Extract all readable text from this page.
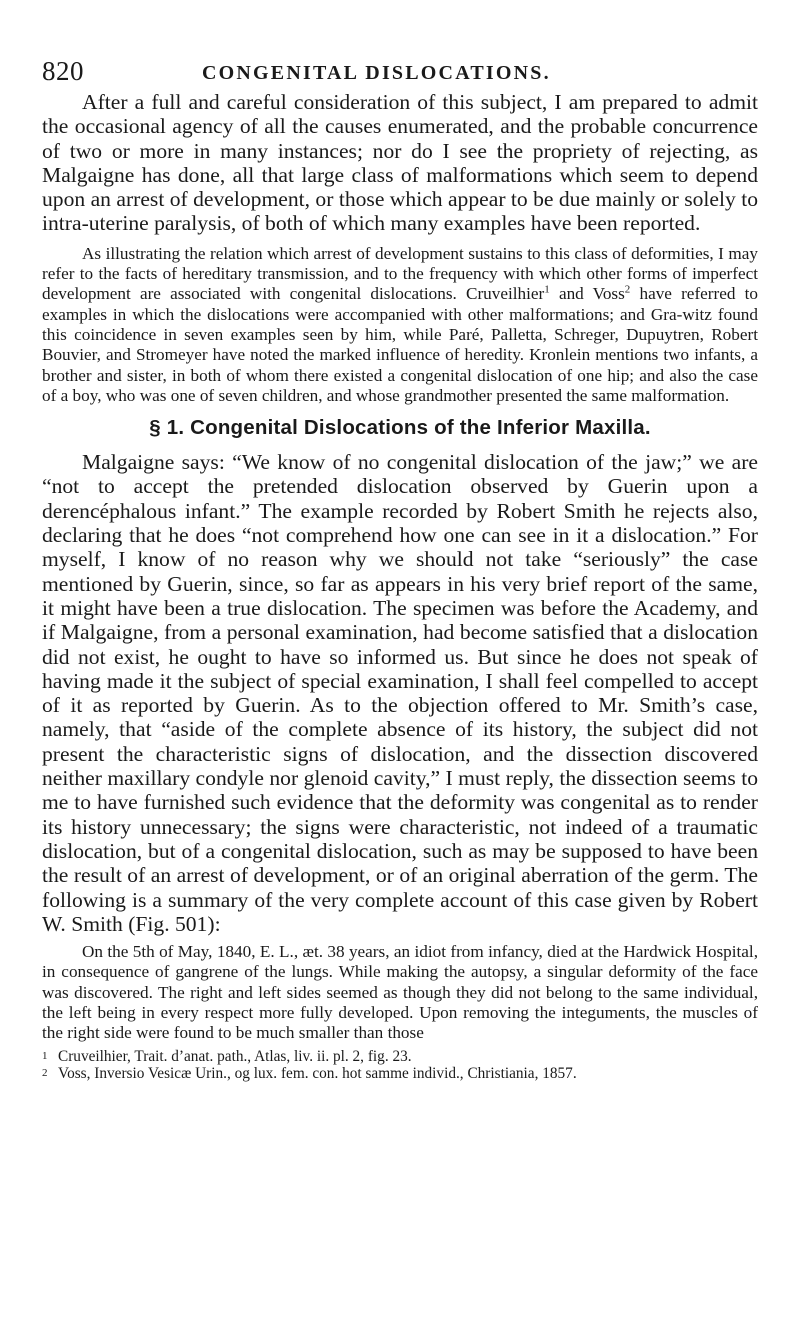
820	CONGENITAL DISLOCATIONS.

After a full and careful consideration of this subject, I am prepared to admit the occasional agency of all the causes enumerated, and the probable concurrence of two or more in many instances; nor do I see the propriety of rejecting, as Malgaigne has done, all that large class of malformations which seem to depend upon an arrest of development, or those which appear to be due mainly or solely to intra-uterine paralysis, of both of which many examples have been reported.

As illustrating the relation which arrest of development sustains to this class of deformities, I may refer to the facts of hereditary transmission, and to the frequency with which other forms of imperfect development are associated with congenital dislocations. Cruveilhier$^1$ and Voss$^2$ have referred to examples in which the dislocations were accompanied with other malformations; and Gra-witz found this coincidence in seven examples seen by him, while Paré, Palletta, Schreger, Dupuytren, Robert Bouvier, and Stromeyer have noted the marked influence of heredity. Kronlein mentions two infants, a brother and sister, in both of whom there existed a congenital dislocation of one hip; and also the case of a boy, who was one of seven children, and whose grandmother presented the same malformation.

§ 1. Congenital Dislocations of the Inferior Maxilla.

Malgaigne says: “We know of no congenital dislocation of the jaw;” we are “not to accept the pretended dislocation observed by Guerin upon a derencéphalous infant.” The example recorded by Robert Smith he rejects also, declaring that he does “not comprehend how one can see in it a dislocation.” For myself, I know of no reason why we should not take “seriously” the case mentioned by Guerin, since, so far as appears in his very brief report of the same, it might have been a true dislocation. The specimen was before the Academy, and if Malgaigne, from a personal examination, had become satisfied that a dislocation did not exist, he ought to have so informed us. But since he does not speak of having made it the subject of special examination, I shall feel compelled to accept of it as reported by Guerin. As to the objection offered to Mr. Smith’s case, namely, that “aside of the complete absence of its history, the subject did not present the characteristic signs of dislocation, and the dissection discovered neither maxillary condyle nor glenoid cavity,” I must reply, the dissection seems to me to have furnished such evidence that the deformity was congenital as to render its history unnecessary; the signs were characteristic, not indeed of a traumatic dislocation, but of a congenital dislocation, such as may be supposed to have been the result of an arrest of development, or of an original aberration of the germ. The following is a summary of the very complete account of this case given by Robert W. Smith (Fig. 501):

On the 5th of May, 1840, E. L., æt. 38 years, an idiot from infancy, died at the Hardwick Hospital, in consequence of gangrene of the lungs. While making the autopsy, a singular deformity of the face was discovered. The right and left sides seemed as though they did not belong to the same individual, the left being in every respect more fully developed. Upon removing the integuments, the muscles of the right side were found to be much smaller than those

1 Cruveilhier, Trait. d’anat. path., Atlas, liv. ii. pl. 2, fig. 23.
2 Voss, Inversio Vesicæ Urin., og lux. fem. con. hot samme individ., Christiania, 1857.
